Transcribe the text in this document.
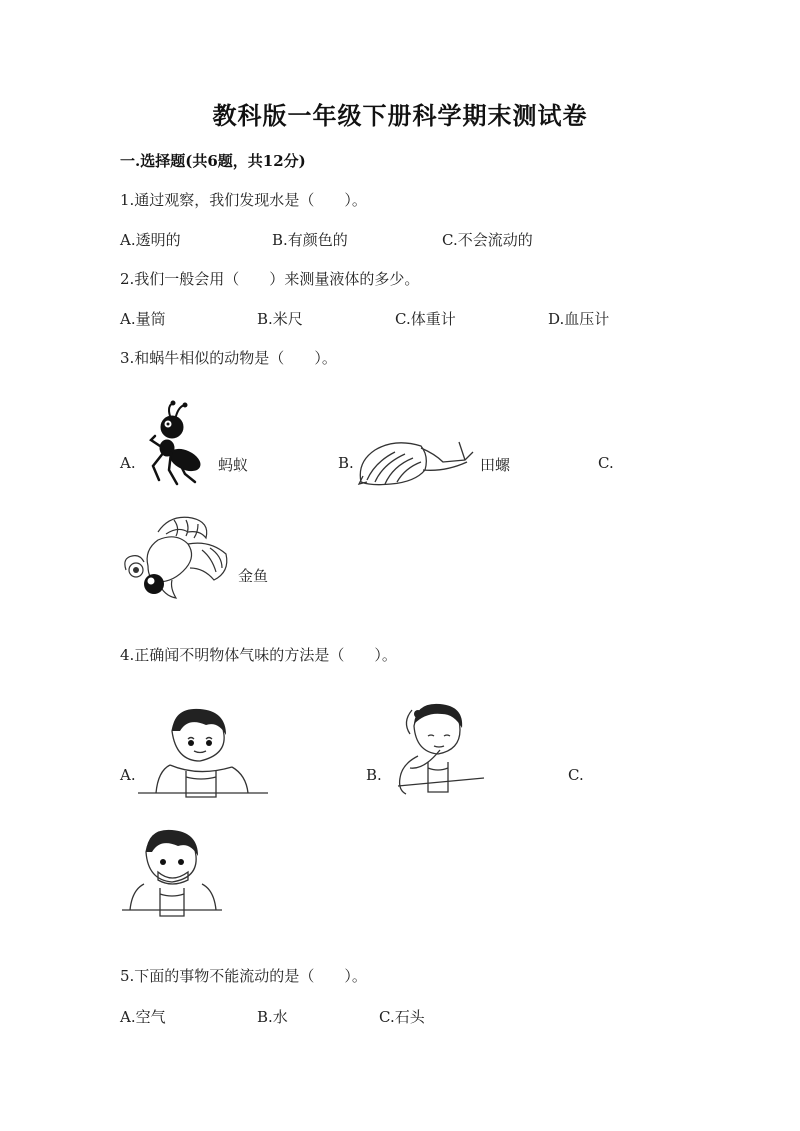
教科版一年级下册科学期末测试卷
一.选择题(共6题，共12分)
1.通过观察，我们发现水是（　　）。
A.透明的	B.有颜色的	C.不会流动的
2.我们一般会用（　　）来测量液体的多少。
A.量筒	B.米尺	C.体重计	D.血压计
3.和蜗牛相似的动物是（　　）。
A.	蚂蚁	B.	田螺	C.
金鱼
4.正确闻不明物体气味的方法是（　　）。
A.	B.	C.
5.下面的事物不能流动的是（　　）。
A.空气	B.水	C.石头
